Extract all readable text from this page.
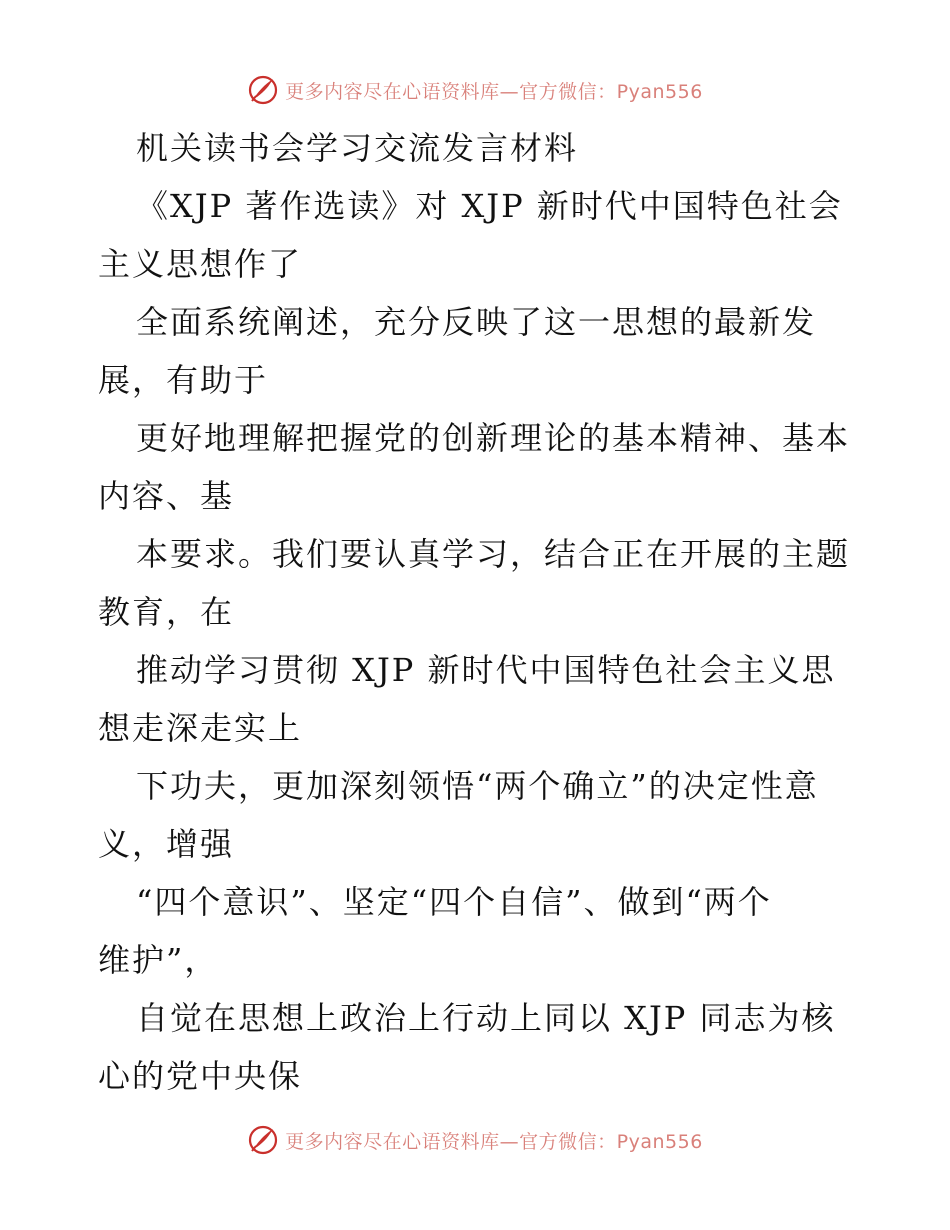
更多内容尽在心语资料库—官方微信：Pyan556
机关读书会学习交流发言材料
《XJP 著作选读》对 XJP 新时代中国特色社会
主义思想作了
全面系统阐述，充分反映了这一思想的最新发
展，有助于
更好地理解把握党的创新理论的基本精神、基本
内容、基
本要求。我们要认真学习，结合正在开展的主题
教育，在
推动学习贯彻 XJP 新时代中国特色社会主义思
想走深走实上
下功夫，更加深刻领悟“两个确立”的决定性意
义，增强
“四个意识”、坚定“四个自信”、做到“两个
维护”，
自觉在思想上政治上行动上同以 XJP 同志为核
心的党中央保
更多内容尽在心语资料库—官方微信：Pyan556
